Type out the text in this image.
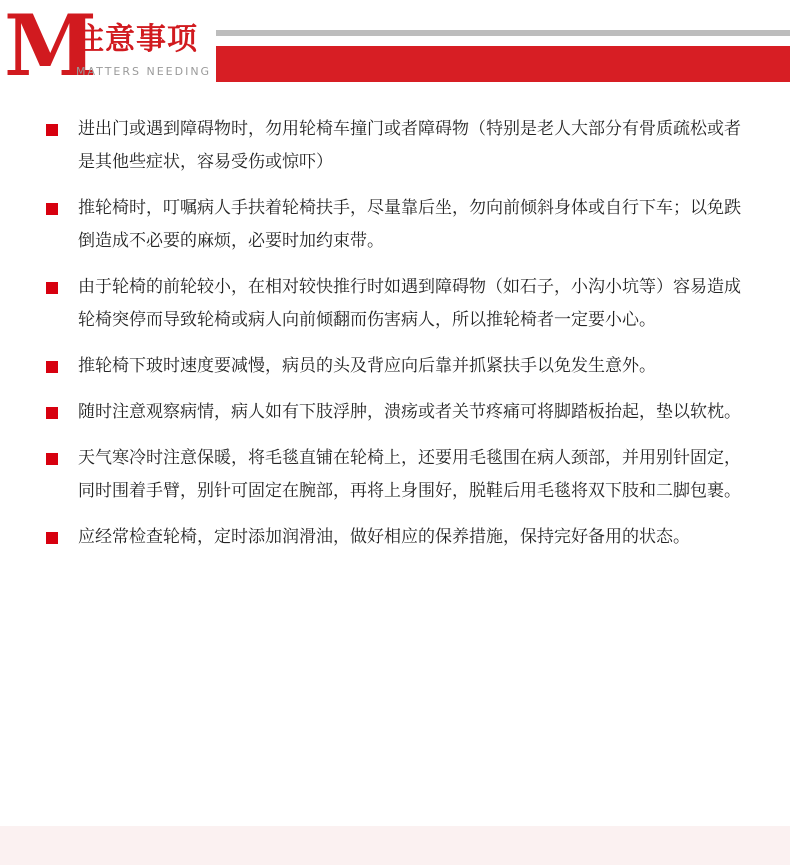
M
注意事项
MATTERS NEEDING
进出门或遇到障碍物时，勿用轮椅车撞门或者障碍物（特别是老人大部分有骨质疏松或者是其他些症状，容易受伤或惊吓）
推轮椅时，叮嘱病人手扶着轮椅扶手，尽量靠后坐，勿向前倾斜身体或自行下车；以免跌倒造成不必要的麻烦，必要时加约束带。
由于轮椅的前轮较小，在相对较快推行时如遇到障碍物（如石子，小沟小坑等）容易造成轮椅突停而导致轮椅或病人向前倾翻而伤害病人，所以推轮椅者一定要小心。
推轮椅下玻时速度要减慢，病员的头及背应向后靠并抓紧扶手以免发生意外。
随时注意观察病情，病人如有下肢浮肿，溃疡或者关节疼痛可将脚踏板抬起，垫以软枕。
天气寒冷时注意保暖，将毛毯直铺在轮椅上，还要用毛毯围在病人颈部，并用别针固定，同时围着手臂，别针可固定在腕部，再将上身围好，脱鞋后用毛毯将双下肢和二脚包裹。
应经常检查轮椅，定时添加润滑油，做好相应的保养措施，保持完好备用的状态。
